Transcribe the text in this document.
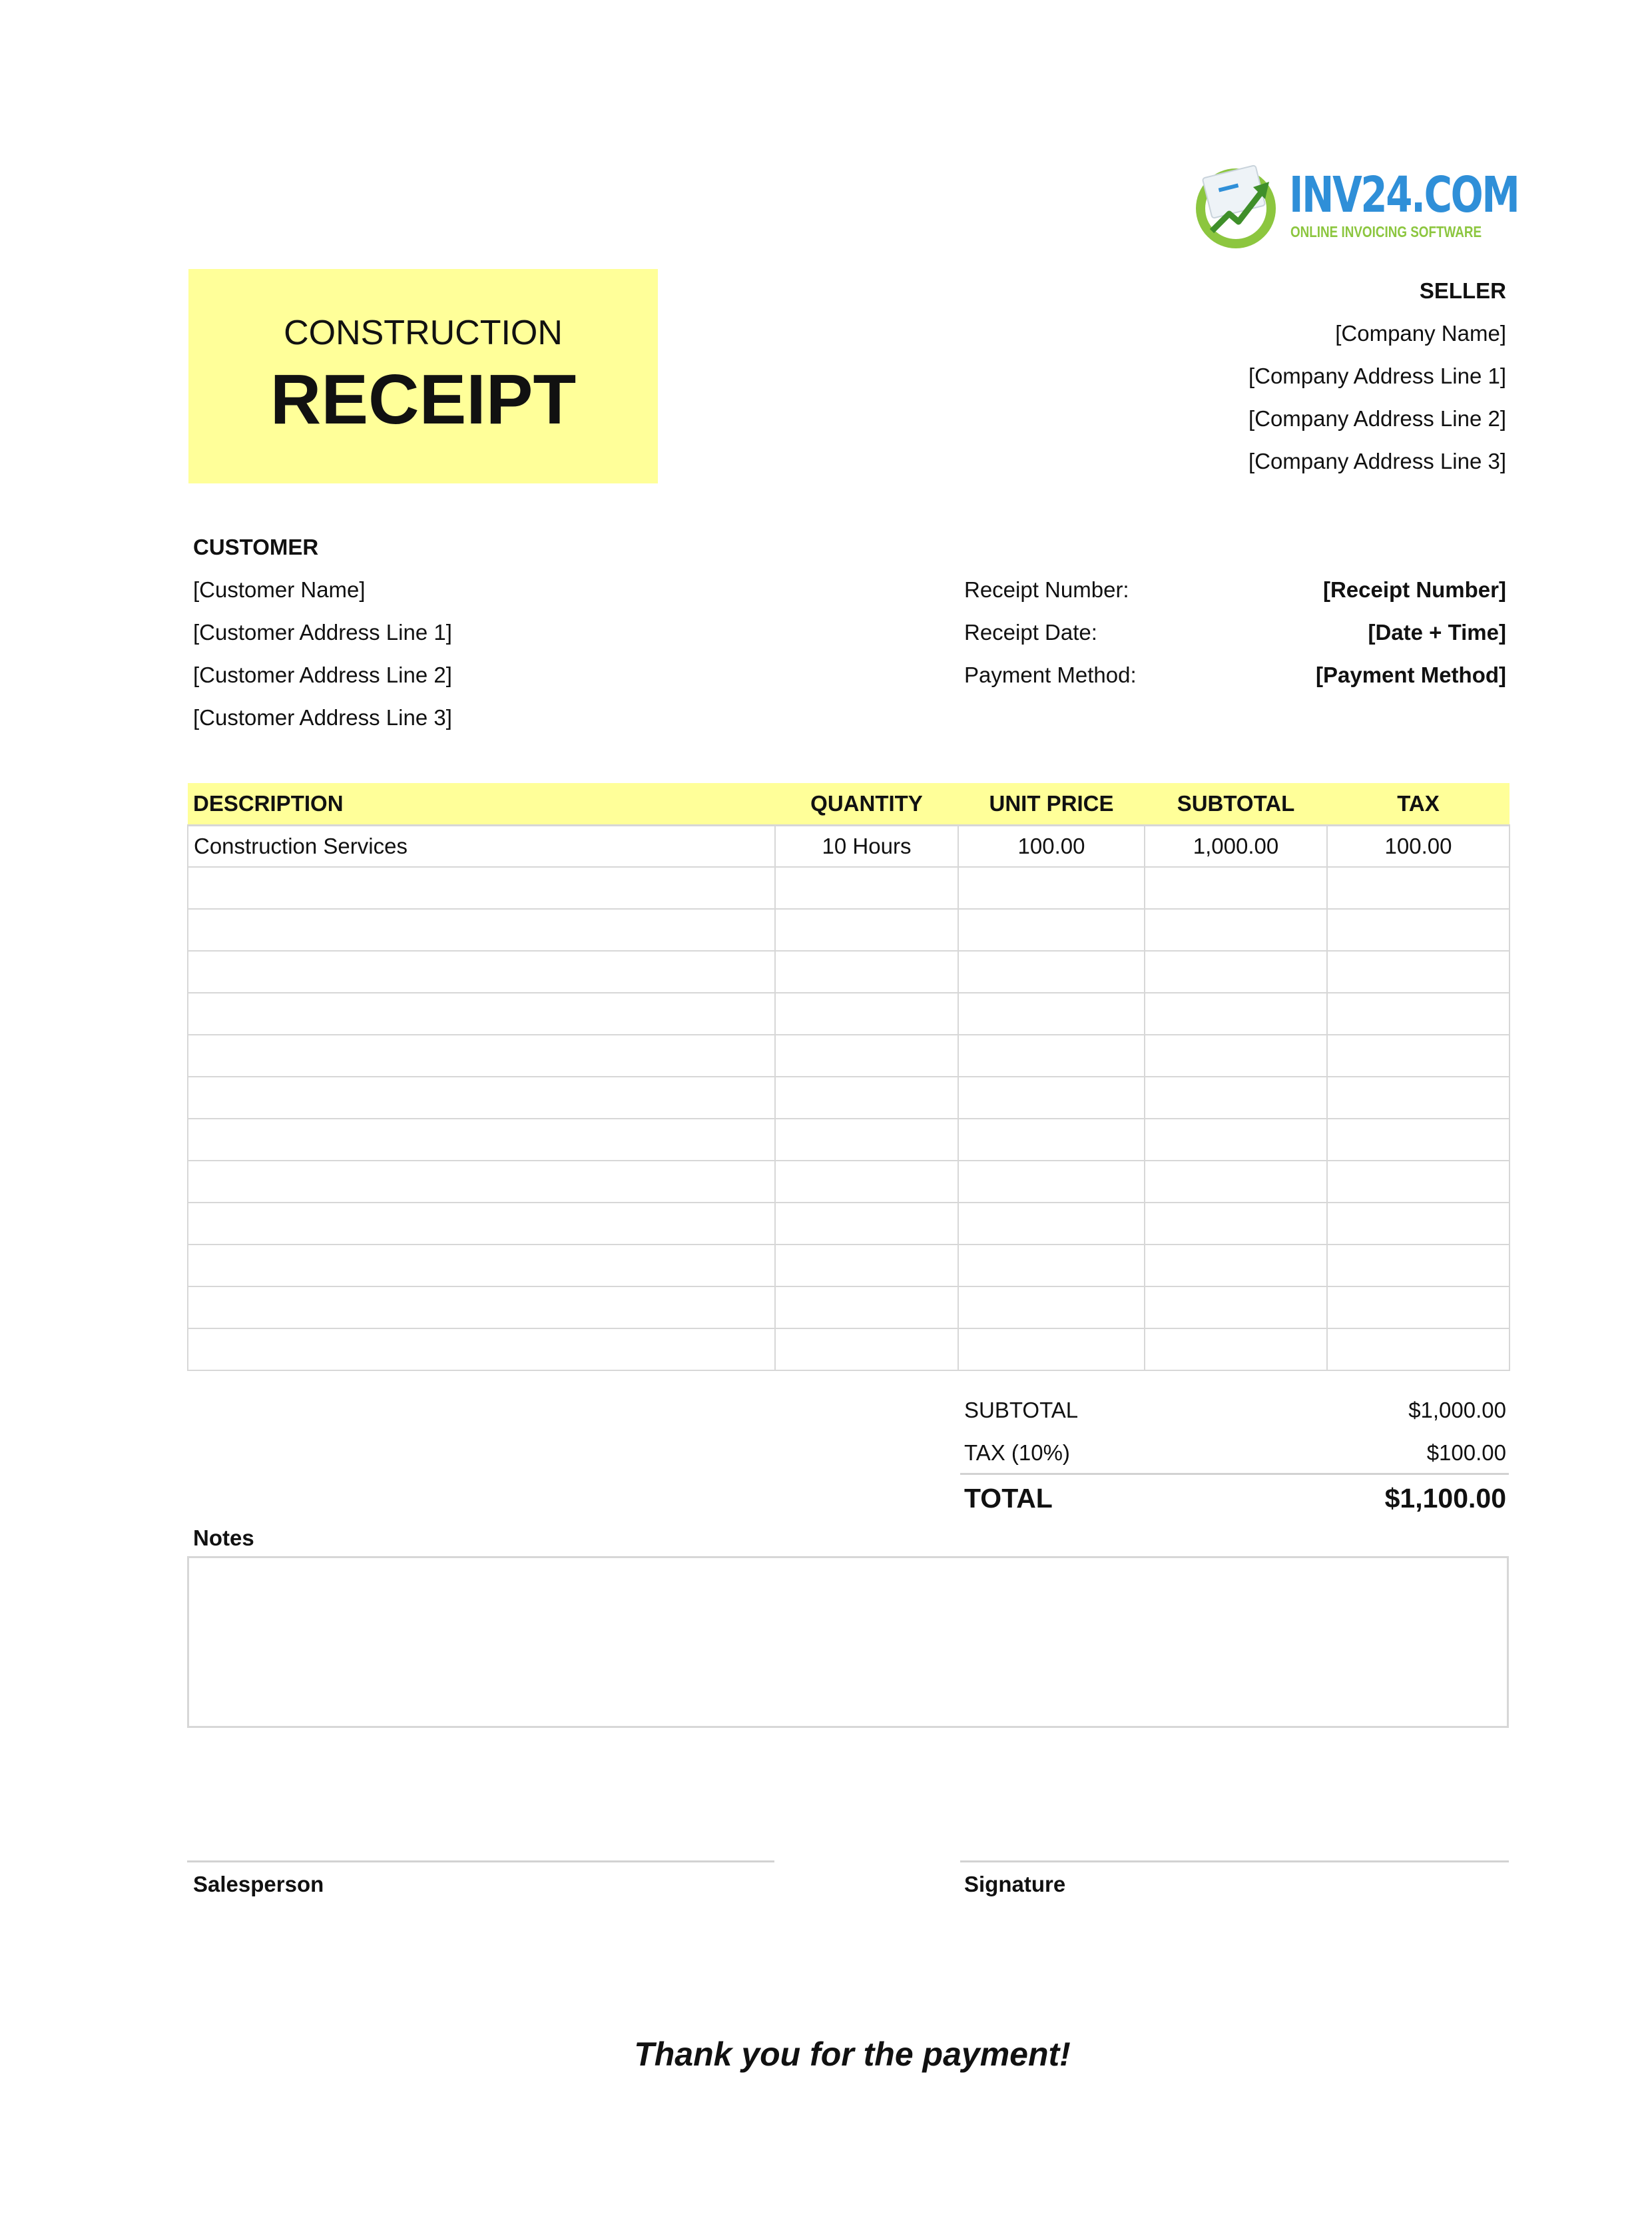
INV24.COM
ONLINE INVOICING SOFTWARE
CONSTRUCTION
RECEIPT
SELLER
[Company Name]
[Company Address Line 1]
[Company Address Line 2]
[Company Address Line 3]
CUSTOMER
[Customer Name]
[Customer Address Line 1]
[Customer Address Line 2]
[Customer Address Line 3]
Receipt Number:	[Receipt Number]
Receipt Date:	[Date + Time]
Payment Method:	[Payment Method]
DESCRIPTION	QUANTITY	UNIT PRICE	SUBTOTAL	TAX
Construction Services	10 Hours	100.00	1,000.00	100.00

SUBTOTAL	$1,000.00
TAX (10%)	$100.00
TOTAL	$1,100.00
Notes
Salesperson	Signature
Thank you for the payment!
